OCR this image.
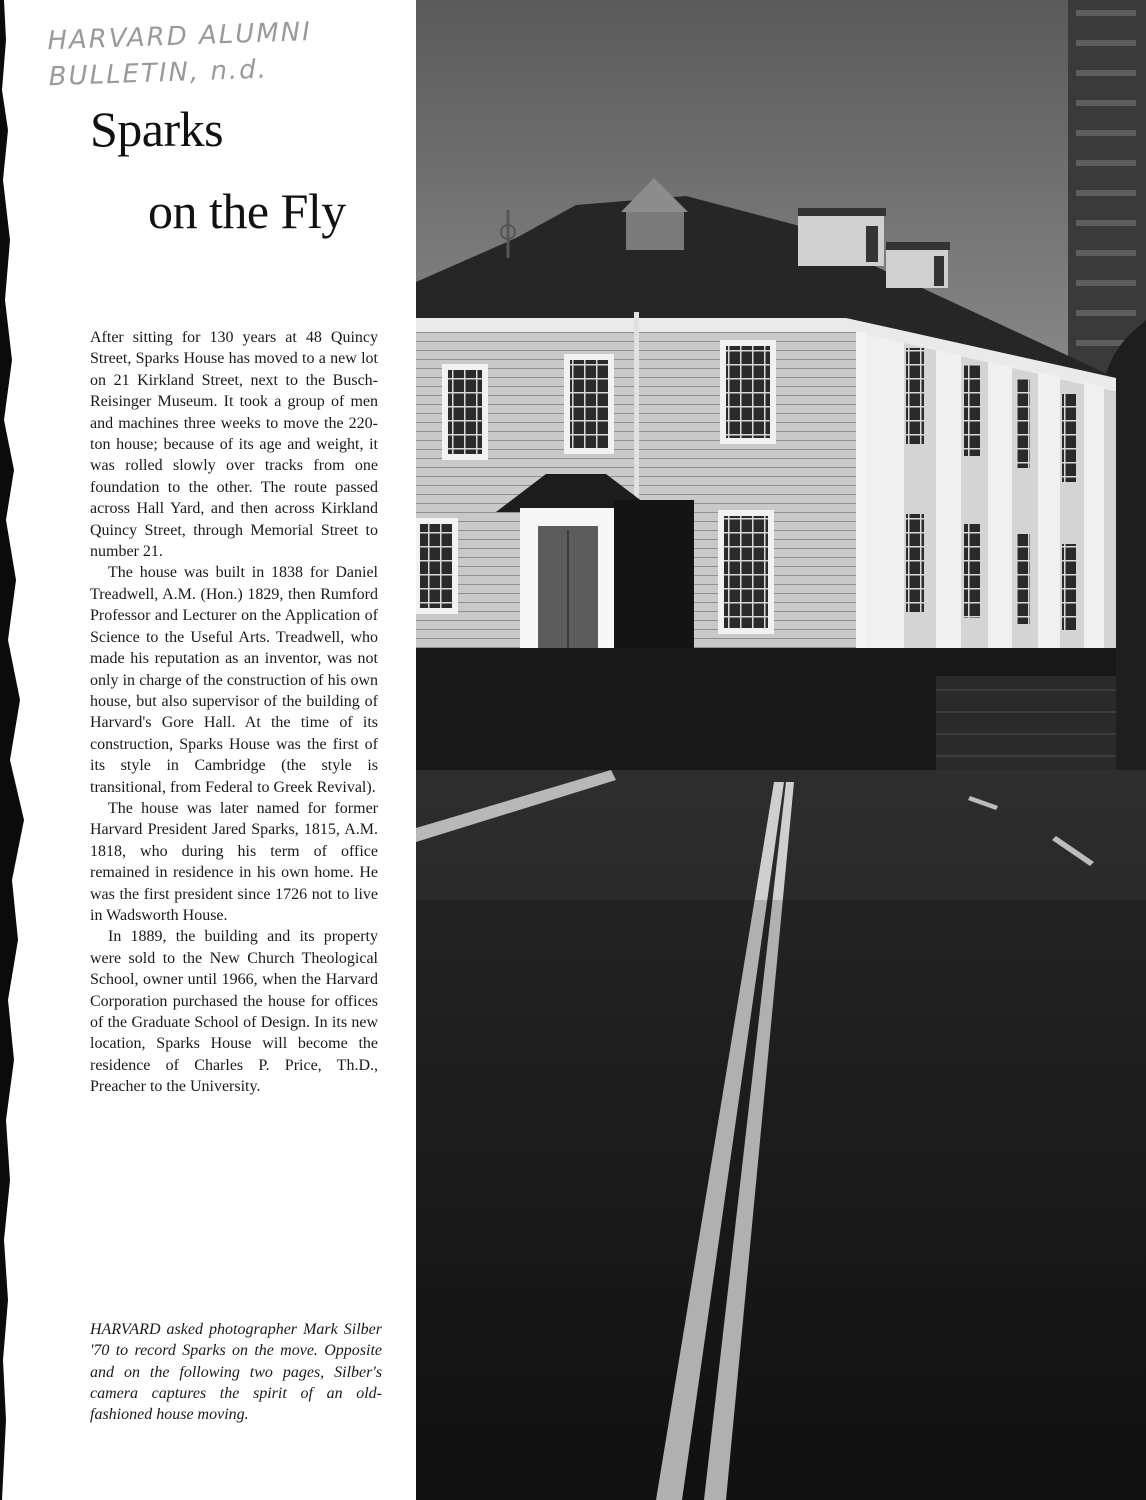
HARVARD ALUMNI
BULLETIN, n.d.
Sparks
on the Fly

After sitting for 130 years at 48 Quincy Street, Sparks House has moved to a new lot on 21 Kirkland Street, next to the Busch-Reisinger Museum. It took a group of men and machines three weeks to move the 220-ton house; because of its age and weight, it was rolled slowly over tracks from one foundation to the other. The route passed across Hall Yard, and then across Kirkland Quincy Street, through Memorial Street to number 21.

The house was built in 1838 for Daniel Treadwell, A.M. (Hon.) 1829, then Rumford Professor and Lecturer on the Application of Science to the Useful Arts. Treadwell, who made his reputation as an inventor, was not only in charge of the construction of his own house, but also supervisor of the building of Harvard's Gore Hall. At the time of its construction, Sparks House was the first of its style in Cambridge (the style is transitional, from Federal to Greek Revival).

The house was later named for former Harvard President Jared Sparks, 1815, A.M. 1818, who during his term of office remained in residence in his own home. He was the first president since 1726 not to live in Wadsworth House.

In 1889, the building and its property were sold to the New Church Theological School, owner until 1966, when the Harvard Corporation purchased the house for offices of the Graduate School of Design. In its new location, Sparks House will become the residence of Charles P. Price, Th.D., Preacher to the University.

HARVARD asked photographer Mark Silber '70 to record Sparks on the move. Opposite and on the following two pages, Silber's camera captures the spirit of an old-fashioned house moving.
